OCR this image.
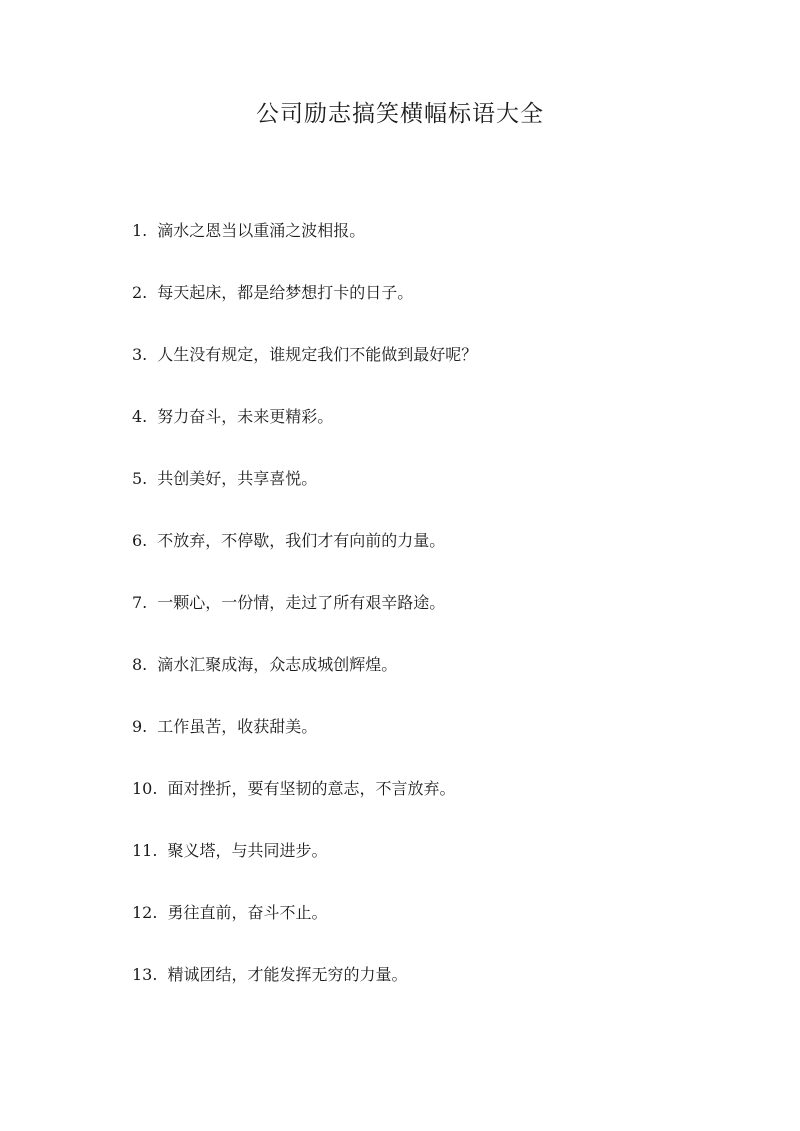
公司励志搞笑横幅标语大全
1. 滴水之恩当以重涌之波相报。
2. 每天起床，都是给梦想打卡的日子。
3. 人生没有规定，谁规定我们不能做到最好呢？
4. 努力奋斗，未来更精彩。
5. 共创美好，共享喜悦。
6. 不放弃，不停歇，我们才有向前的力量。
7. 一颗心，一份情，走过了所有艰辛路途。
8. 滴水汇聚成海，众志成城创辉煌。
9. 工作虽苦，收获甜美。
10. 面对挫折，要有坚韧的意志，不言放弃。
11. 聚义塔，与共同进步。
12. 勇往直前，奋斗不止。
13. 精诚团结，才能发挥无穷的力量。
